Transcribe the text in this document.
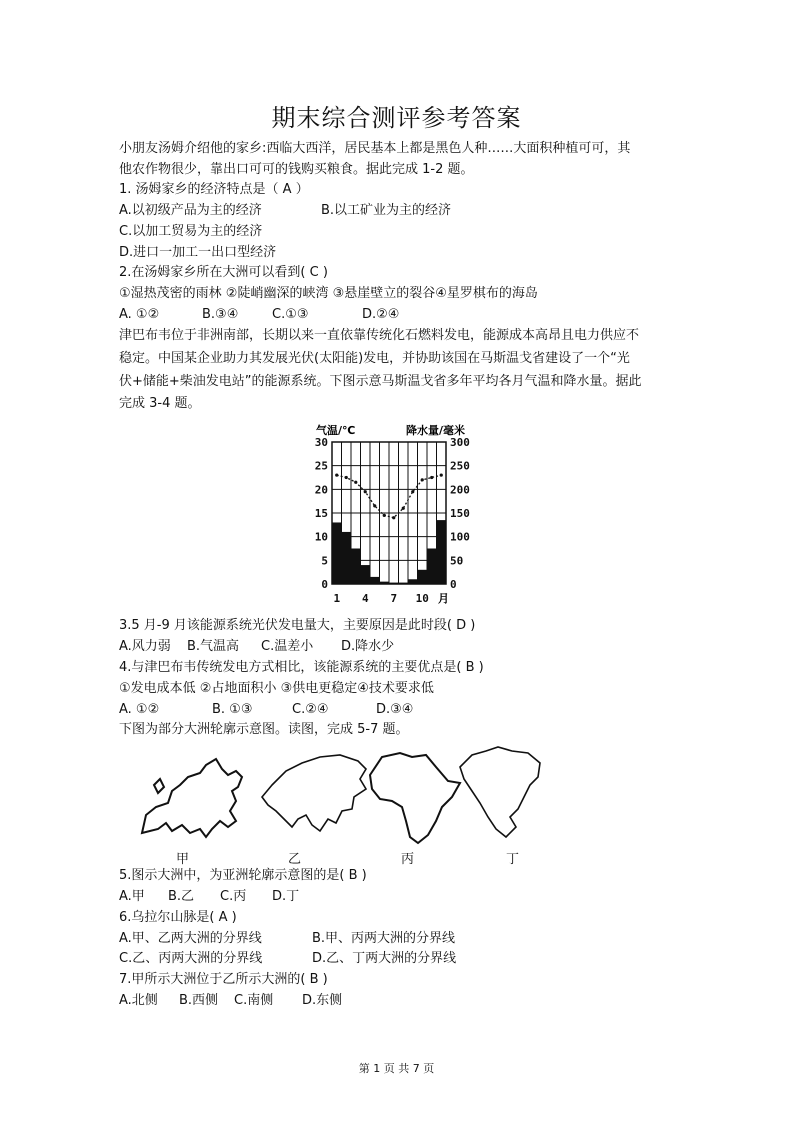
期末综合测评参考答案
小朋友汤姆介绍他的家乡:西临大西洋，居民基本上都是黑色人种……大面积种植可可，其
他农作物很少，靠出口可可的钱购买粮食。据此完成 1-2 题。
1. 汤姆家乡的经济特点是（ A ）
A.以初级产品为主的经济	B.以工矿业为主的经济
C.以加工贸易为主的经济
D.进口一加工一出口型经济
2.在汤姆家乡所在大洲可以看到( C )
①湿热茂密的雨林 ②陡峭幽深的峡湾 ③悬崖壁立的裂谷④星罗棋布的海岛
A. ①②	B.③④	C.①③	D.②④
津巴布韦位于非洲南部，长期以来一直依靠传统化石燃料发电，能源成本高昂且电力供应不
稳定。中国某企业助力其发展光伏(太阳能)发电，并协助该国在马斯温戈省建设了一个“光
伏+储能+柴油发电站”的能源系统。下图示意马斯温戈省多年平均各月气温和降水量。据此
完成 3-4 题。
气温/℃	降水量/毫米
30
25
20
15
10
5
0
300
250
200
150
100
50
0
1 4 7 10 月
3.5 月-9 月该能源系统光伏发电量大，主要原因是此时段( D )
A.风力弱 B.气温高 C.温差小 D.降水少
4.与津巴布韦传统发电方式相比，该能源系统的主要优点是( B )
①发电成本低 ②占地面积小 ③供电更稳定④技术要求低
A. ①②	B. ①③	C.②④	D.③④
下图为部分大洲轮廓示意图。读图，完成 5-7 题。
甲	乙	丙	丁
5.图示大洲中，为亚洲轮廓示意图的是( B )
A.甲 B.乙 C.丙 D.丁
6.乌拉尔山脉是( A )
A.甲、乙两大洲的分界线	B.甲、丙两大洲的分界线
C.乙、丙两大洲的分界线	D.乙、丁两大洲的分界线
7.甲所示大洲位于乙所示大洲的( B )
A.北侧 B.西侧 C.南侧 D.东侧
第 1 页 共 7 页
